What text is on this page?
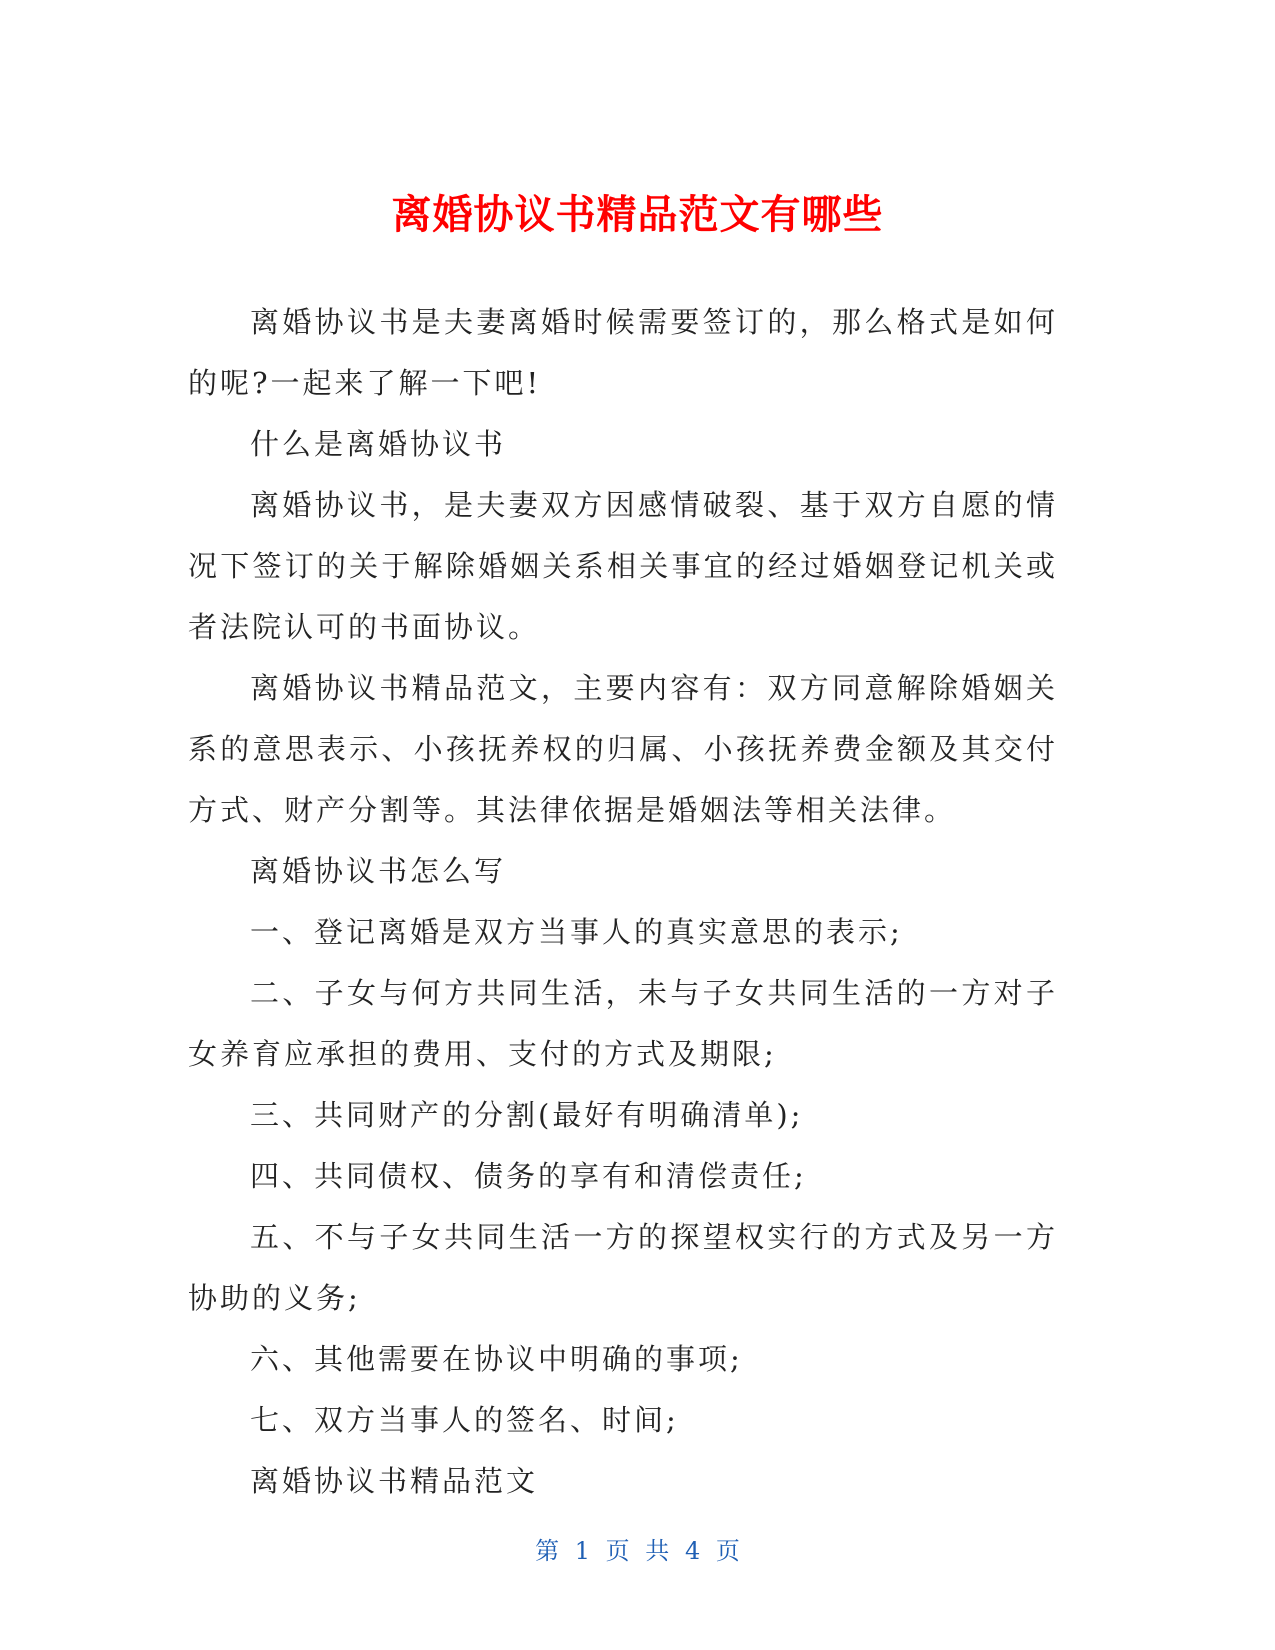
离婚协议书精品范文有哪些

离婚协议书是夫妻离婚时候需要签订的，那么格式是如何的呢?一起来了解一下吧!

什么是离婚协议书

离婚协议书，是夫妻双方因感情破裂、基于双方自愿的情况下签订的关于解除婚姻关系相关事宜的经过婚姻登记机关或者法院认可的书面协议。

离婚协议书精品范文，主要内容有：双方同意解除婚姻关系的意思表示、小孩抚养权的归属、小孩抚养费金额及其交付方式、财产分割等。其法律依据是婚姻法等相关法律。

离婚协议书怎么写

一、登记离婚是双方当事人的真实意思的表示;

二、子女与何方共同生活，未与子女共同生活的一方对子女养育应承担的费用、支付的方式及期限;

三、共同财产的分割(最好有明确清单);

四、共同债权、债务的享有和清偿责任;

五、不与子女共同生活一方的探望权实行的方式及另一方协助的义务;

六、其他需要在协议中明确的事项;

七、双方当事人的签名、时间;

离婚协议书精品范文

第 1 页 共 4 页
